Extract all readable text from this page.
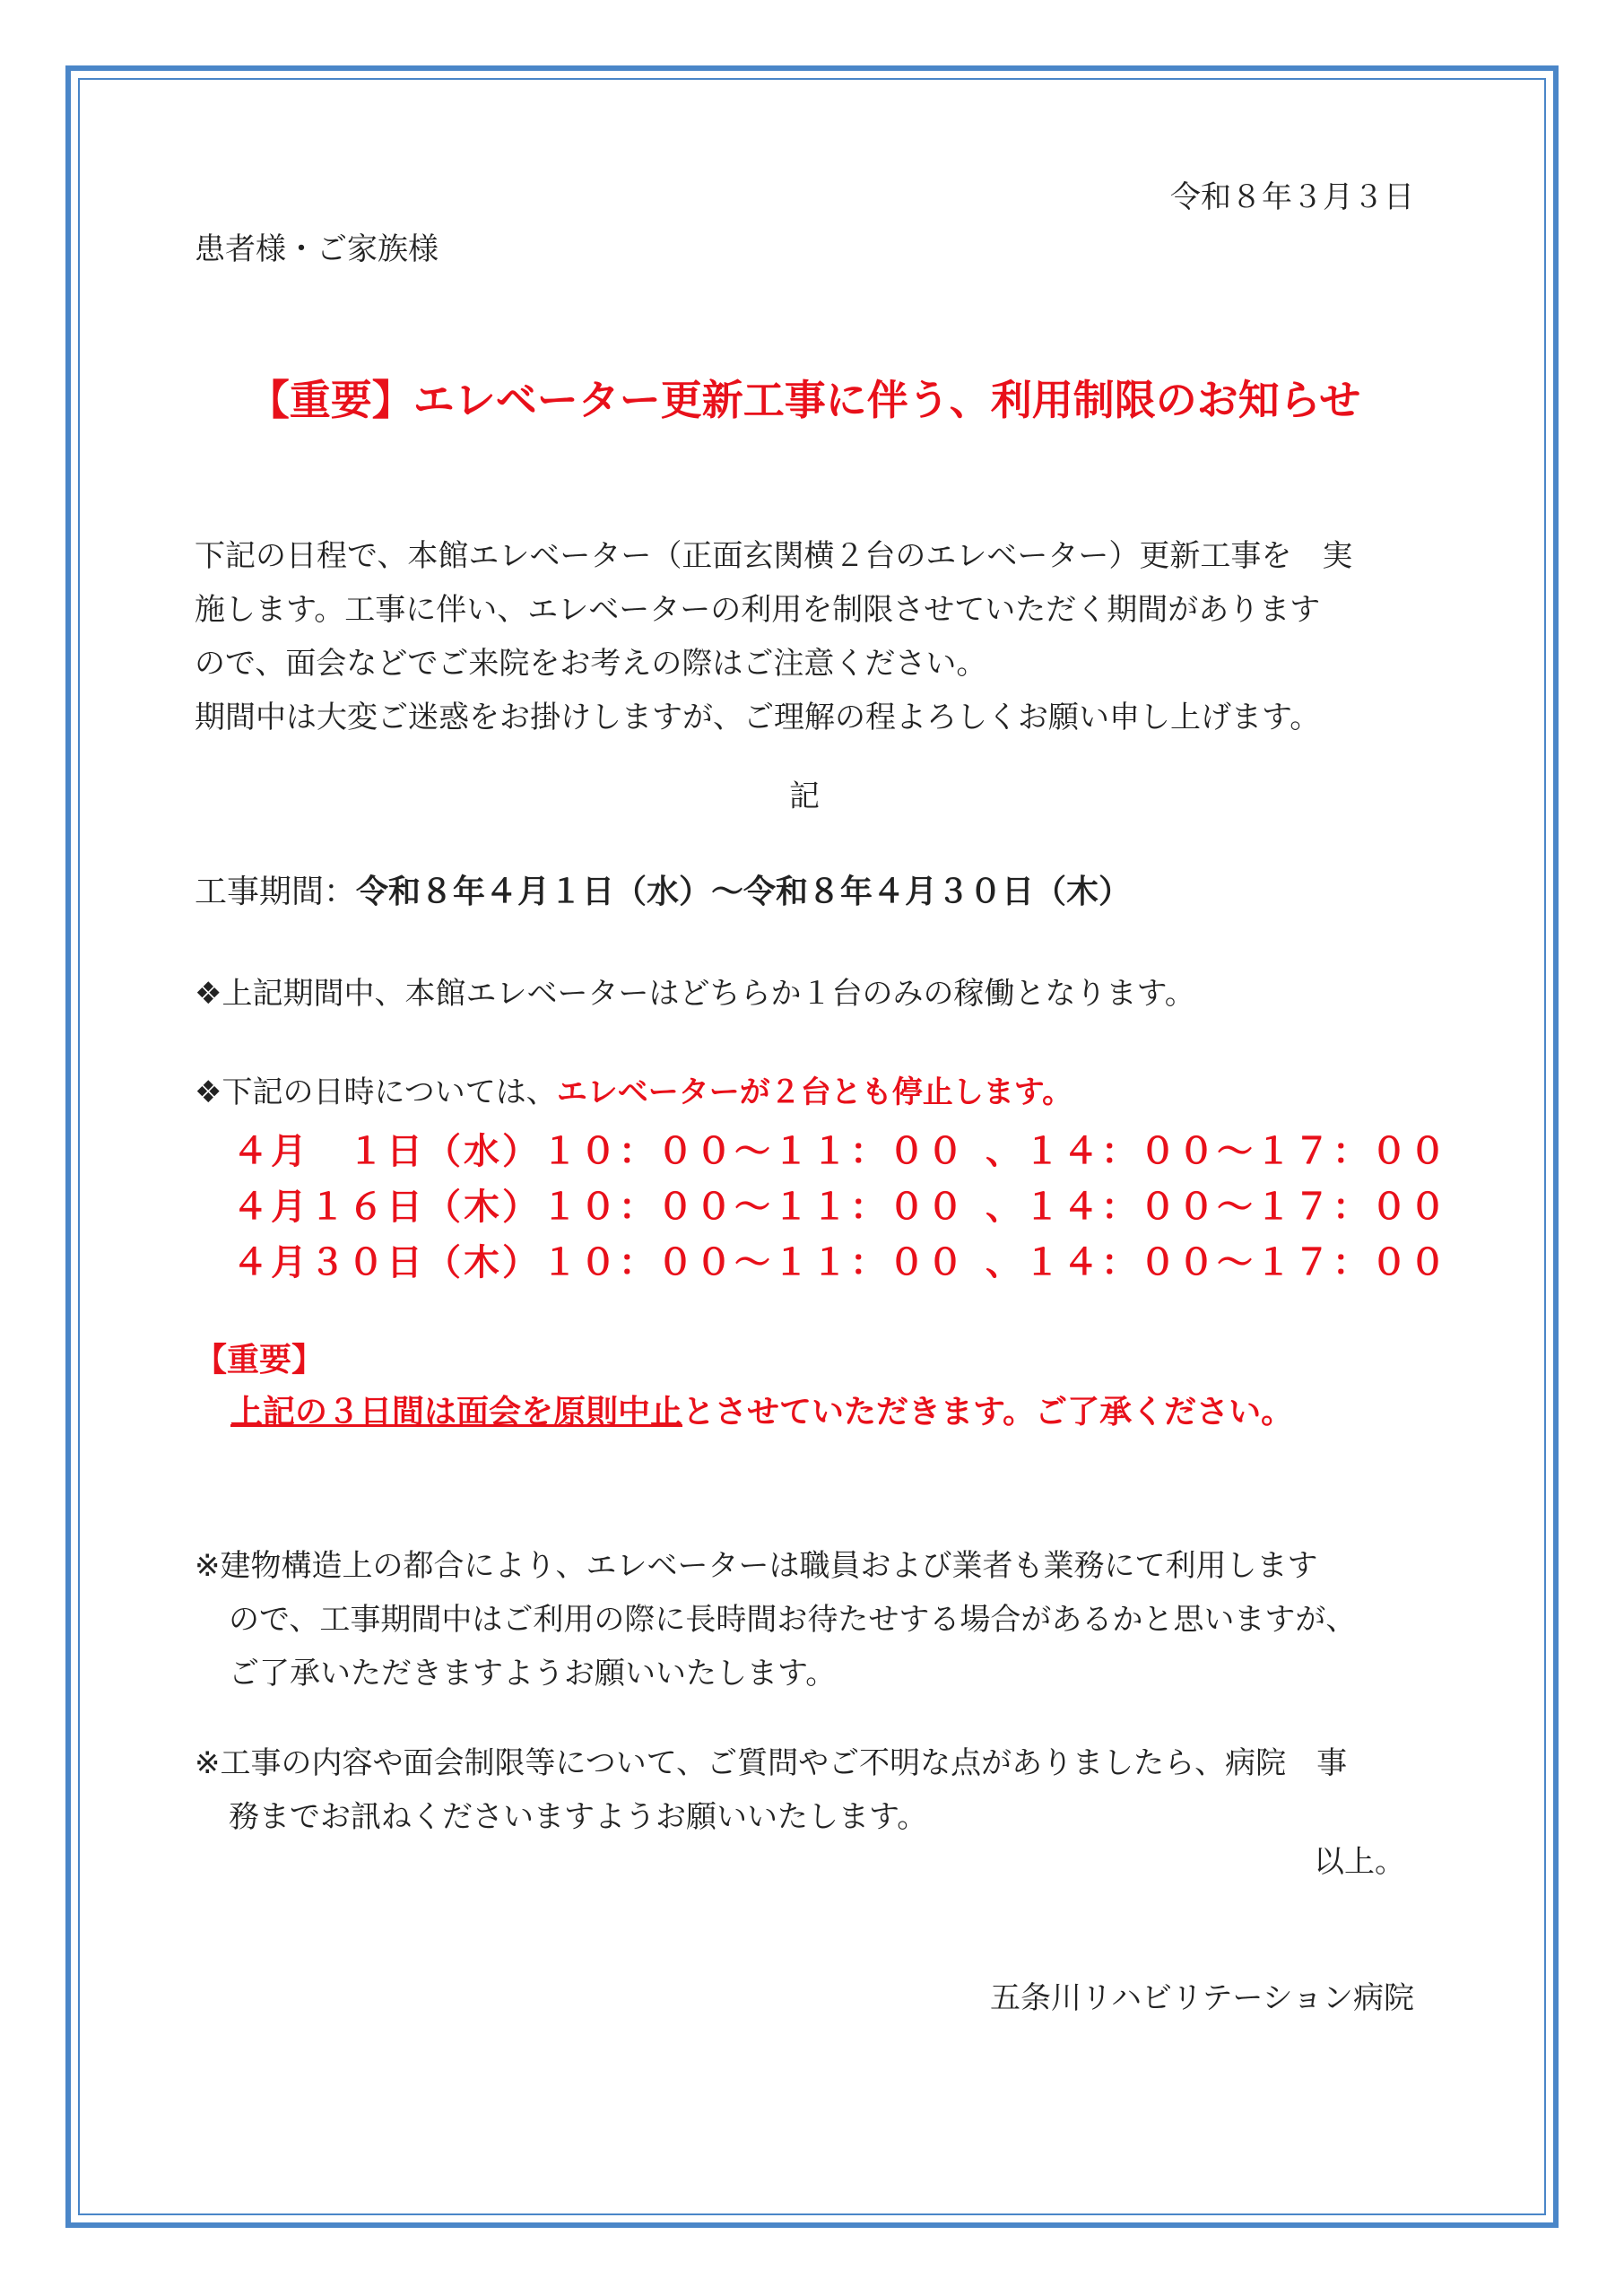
令和８年３月３日
患者様・ご家族様
【重要】エレベーター更新工事に伴う、利用制限のお知らせ
下記の日程で、本館エレベーター（正面玄関横２台のエレベーター）更新工事を　実
施します。工事に伴い、エレベーターの利用を制限させていただく期間があります
ので、面会などでご来院をお考えの際はご注意ください。
期間中は大変ご迷惑をお掛けしますが、ご理解の程よろしくお願い申し上げます。
記
工事期間：令和８年４月１日（水）～令和８年４月３０日（木）
❖上記期間中、本館エレベーターはどちらか１台のみの稼働となります。
❖下記の日時については、エレベーターが２台とも停止します。
４月　１日（水） １０：００～１１：００ 、１４：００～１７：００
４月１６日（木） １０：００～１１：００ 、１４：００～１７：００
４月３０日（木） １０：００～１１：００ 、１４：００～１７：００
【重要】
上記の３日間は面会を原則中止とさせていただきます。ご了承ください。
※建物構造上の都合により、エレベーターは職員および業者も業務にて利用します
ので、工事期間中はご利用の際に長時間お待たせする場合があるかと思いますが、
ご了承いただきますようお願いいたします。
※工事の内容や面会制限等について、ご質問やご不明な点がありましたら、病院　事
務までお訊ねくださいますようお願いいたします。
以上。
五条川リハビリテーション病院
